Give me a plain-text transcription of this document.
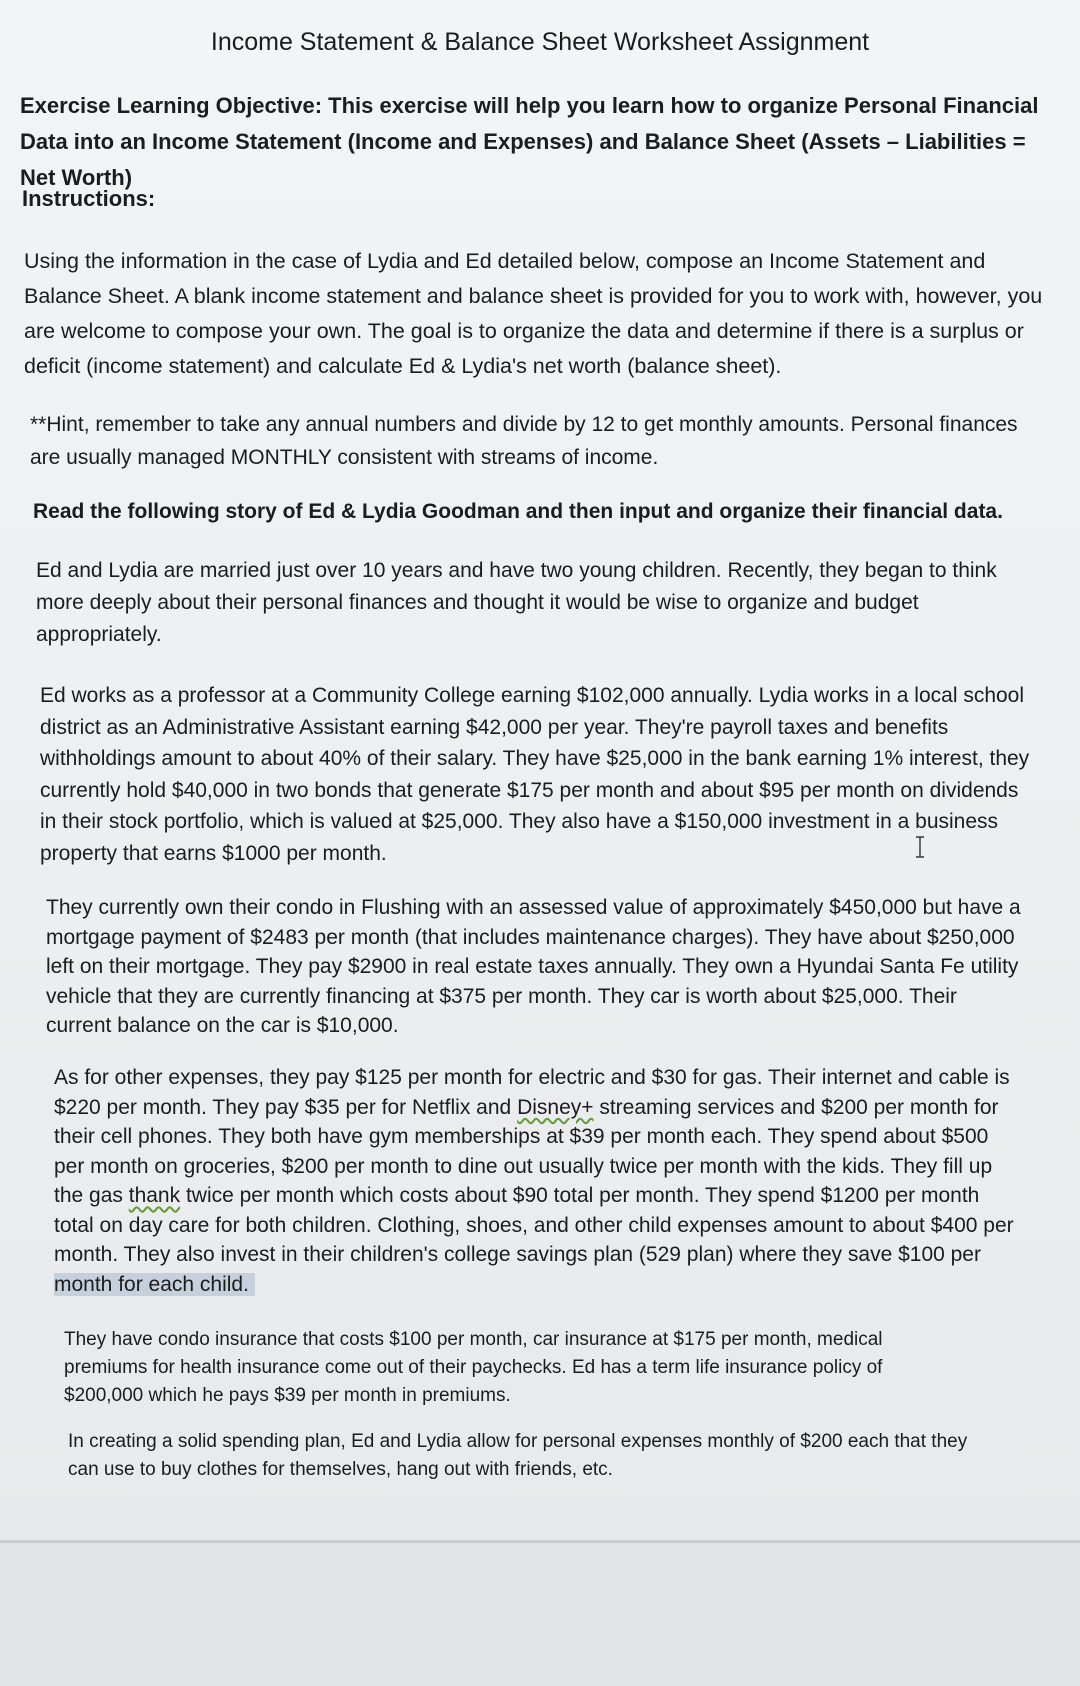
Income Statement & Balance Sheet Worksheet Assignment
Exercise Learning Objective: This exercise will help you learn how to organize Personal Financial Data into an Income Statement (Income and Expenses) and Balance Sheet (Assets – Liabilities = Net Worth)
Instructions:
Using the information in the case of Lydia and Ed detailed below, compose an Income Statement and Balance Sheet. A blank income statement and balance sheet is provided for you to work with, however, you are welcome to compose your own. The goal is to organize the data and determine if there is a surplus or deficit (income statement) and calculate Ed & Lydia's net worth (balance sheet).
**Hint, remember to take any annual numbers and divide by 12 to get monthly amounts. Personal finances are usually managed MONTHLY consistent with streams of income.
Read the following story of Ed & Lydia Goodman and then input and organize their financial data.
Ed and Lydia are married just over 10 years and have two young children. Recently, they began to think more deeply about their personal finances and thought it would be wise to organize and budget appropriately.
Ed works as a professor at a Community College earning $102,000 annually. Lydia works in a local school district as an Administrative Assistant earning $42,000 per year. They're payroll taxes and benefits withholdings amount to about 40% of their salary. They have $25,000 in the bank earning 1% interest, they currently hold $40,000 in two bonds that generate $175 per month and about $95 per month on dividends in their stock portfolio, which is valued at $25,000. They also have a $150,000 investment in a business property that earns $1000 per month.
They currently own their condo in Flushing with an assessed value of approximately $450,000 but have a mortgage payment of $2483 per month (that includes maintenance charges). They have about $250,000 left on their mortgage. They pay $2900 in real estate taxes annually. They own a Hyundai Santa Fe utility vehicle that they are currently financing at $375 per month. They car is worth about $25,000. Their current balance on the car is $10,000.
As for other expenses, they pay $125 per month for electric and $30 for gas. Their internet and cable is $220 per month. They pay $35 per for Netflix and Disney+ streaming services and $200 per month for their cell phones. They both have gym memberships at $39 per month each. They spend about $500 per month on groceries, $200 per month to dine out usually twice per month with the kids. They fill up the gas thank twice per month which costs about $90 total per month. They spend $1200 per month total on day care for both children. Clothing, shoes, and other child expenses amount to about $400 per month. They also invest in their children's college savings plan (529 plan) where they save $100 per month for each child.
They have condo insurance that costs $100 per month, car insurance at $175 per month, medical premiums for health insurance come out of their paychecks. Ed has a term life insurance policy of $200,000 which he pays $39 per month in premiums.
In creating a solid spending plan, Ed and Lydia allow for personal expenses monthly of $200 each that they can use to buy clothes for themselves, hang out with friends, etc.
